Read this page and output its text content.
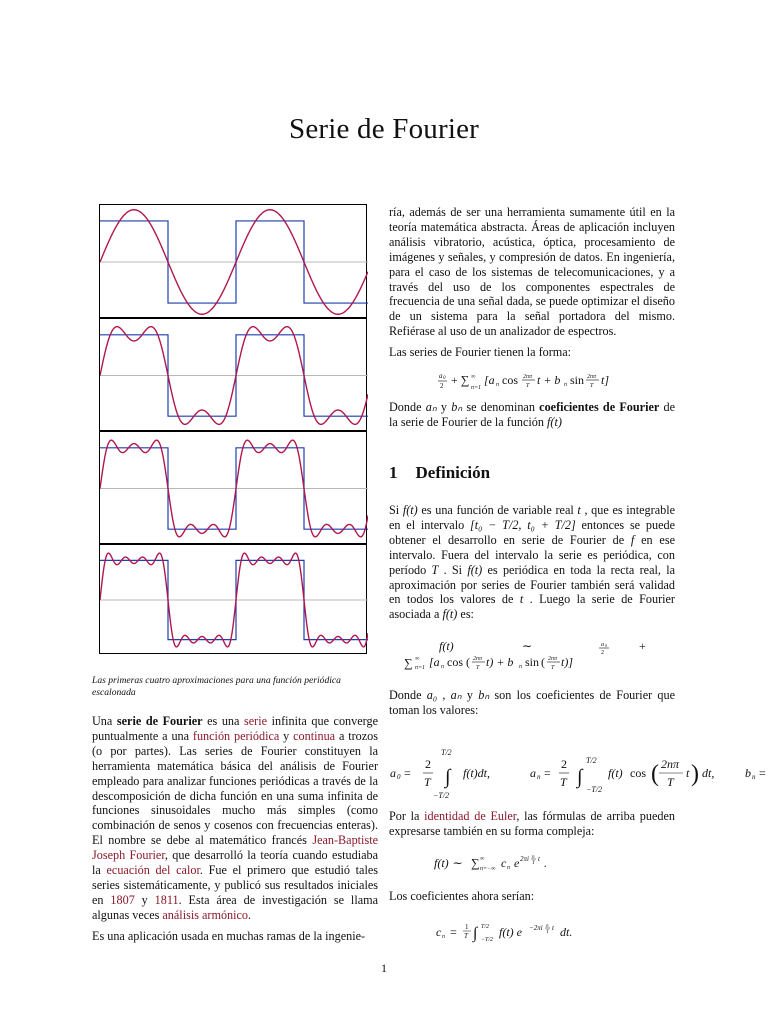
Serie de Fourier

Las primeras cuatro aproximaciones para una función periódica escalonada

Una serie de Fourier es una serie infinita que converge puntualmente a una función periódica y continua a trozos (o por partes). Las series de Fourier constituyen la herramienta matemática básica del análisis de Fourier empleado para analizar funciones periódicas a través de la descomposición de dicha función en una suma infinita de funciones sinusoidales mucho más simples (como combinación de senos y cosenos con frecuencias enteras). El nombre se debe al matemático francés Jean-Baptiste Joseph Fourier, que desarrolló la teoría cuando estudiaba la ecuación del calor. Fue el primero que estudió tales series sistemáticamente, y publicó sus resultados iniciales en 1807 y 1811. Esta área de investigación se llama algunas veces análisis armónico.

Es una aplicación usada en muchas ramas de la ingenie-

ría, además de ser una herramienta sumamente útil en la teoría matemática abstracta. Áreas de aplicación incluyen análisis vibratorio, acústica, óptica, procesamiento de imágenes y señales, y compresión de datos. En ingeniería, para el caso de los sistemas de telecomunicaciones, y a través del uso de los componentes espectrales de frecuencia de una señal dada, se puede optimizar el diseño de un sistema para la señal portadora del mismo. Refiérase al uso de un analizador de espectros.

Las series de Fourier tienen la forma:

a 0
2 + ∑ ∞
n=1
[a n cos 2nπ
T t + b n sin 2nπ
T t]

Donde aₙ y bₙ se denominan coeficientes de Fourier de la serie de Fourier de la función f(t)

1 Definición

Si f(t) es una función de variable real t , que es integrable en el intervalo [t₀ − T/2, t₀ + T/2] entonces se puede obtener el desarrollo en serie de Fourier de f en ese intervalo. Fuera del intervalo la serie es periódica, con período T . Si f(t) es periódica en toda la recta real, la aproximación por series de Fourier también será validad en todos los valores de t . Luego la serie de Fourier asociada a f(t) es:

f(t)	∼	a 0
2	+
∑ ∞
n=1 [a n cos ( 2nπ
T t) + b n sin ( 2nπ
T t)]

Donde a₀ , aₙ y bₙ son los coeficientes de Fourier que toman los valores:

a 0 =
2
T
T/2
∫
−T/2
f(t)dt,	a n =
2
T ∫
T/2
−T/2
f(t) cos ( 2nπ
T
t ) dt,	b n =

Por la identidad de Euler, las fórmulas de arriba pueden expresarse también en su forma compleja:

f(t) ∼ ∑ ∞
n=−∞ c n e 2πi n
T
t .

Los coeficientes ahora serían:

c n = 1
T ∫ T/2
−T/2
f(t) e −2πi n
T
t dt.
1
